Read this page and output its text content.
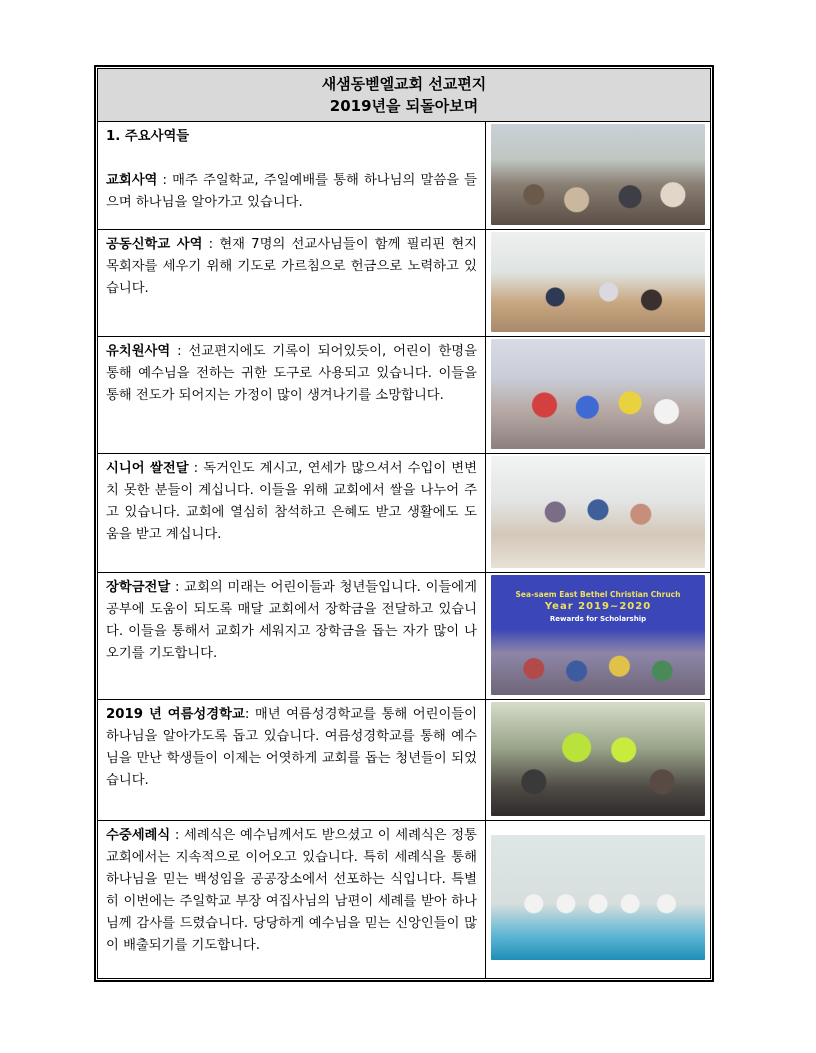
새샘동벧엘교회 선교편지
2019년을 되돌아보며
1. 주요사역들
교회사역 : 매주 주일학교, 주일예배를 통해 하나님의 말씀을 들으며 하나님을 알아가고 있습니다.
공동신학교 사역 : 현재 7명의 선교사님들이 함께 필리핀 현지 목회자를 세우기 위해 기도로 가르침으로 헌금으로 노력하고 있습니다.
유치원사역 : 선교편지에도 기록이 되어있듯이, 어린이 한명을 통해 예수님을 전하는 귀한 도구로 사용되고 있습니다. 이들을 통해 전도가 되어지는 가정이 많이 생겨나기를 소망합니다.
시니어 쌀전달 : 독거인도 계시고, 연세가 많으셔서 수입이 변변치 못한 분들이 계십니다. 이들을 위해 교회에서 쌀을 나누어 주고 있습니다. 교회에 열심히 참석하고 은혜도 받고 생활에도 도움을 받고 계십니다.
장학금전달 : 교회의 미래는 어린이들과 청년들입니다. 이들에게 공부에 도움이 되도록 매달 교회에서 장학금을 전달하고 있습니다. 이들을 통해서 교회가 세워지고 장학금을 돕는 자가 많이 나오기를 기도합니다.
Sea-saem East Bethel Christian Chruch
Year 2019~2020
Rewards for Scholarship
2019 년 여름성경학교: 매년 여름성경학교를 통해 어린이들이 하나님을 알아가도록 돕고 있습니다. 여름성경학교를 통해 예수님을 만난 학생들이 이제는 어엿하게 교회를 돕는 청년들이 되었습니다.
수중세례식 : 세례식은 예수님께서도 받으셨고 이 세례식은 정통교회에서는 지속적으로 이어오고 있습니다. 특히 세례식을 통해 하나님을 믿는 백성임을 공공장소에서 선포하는 식입니다. 특별히 이번에는 주일학교 부장 여집사님의 남편이 세례를 받아 하나님께 감사를 드렸습니다. 당당하게 예수님을 믿는 신앙인들이 많이 배출되기를 기도합니다.
